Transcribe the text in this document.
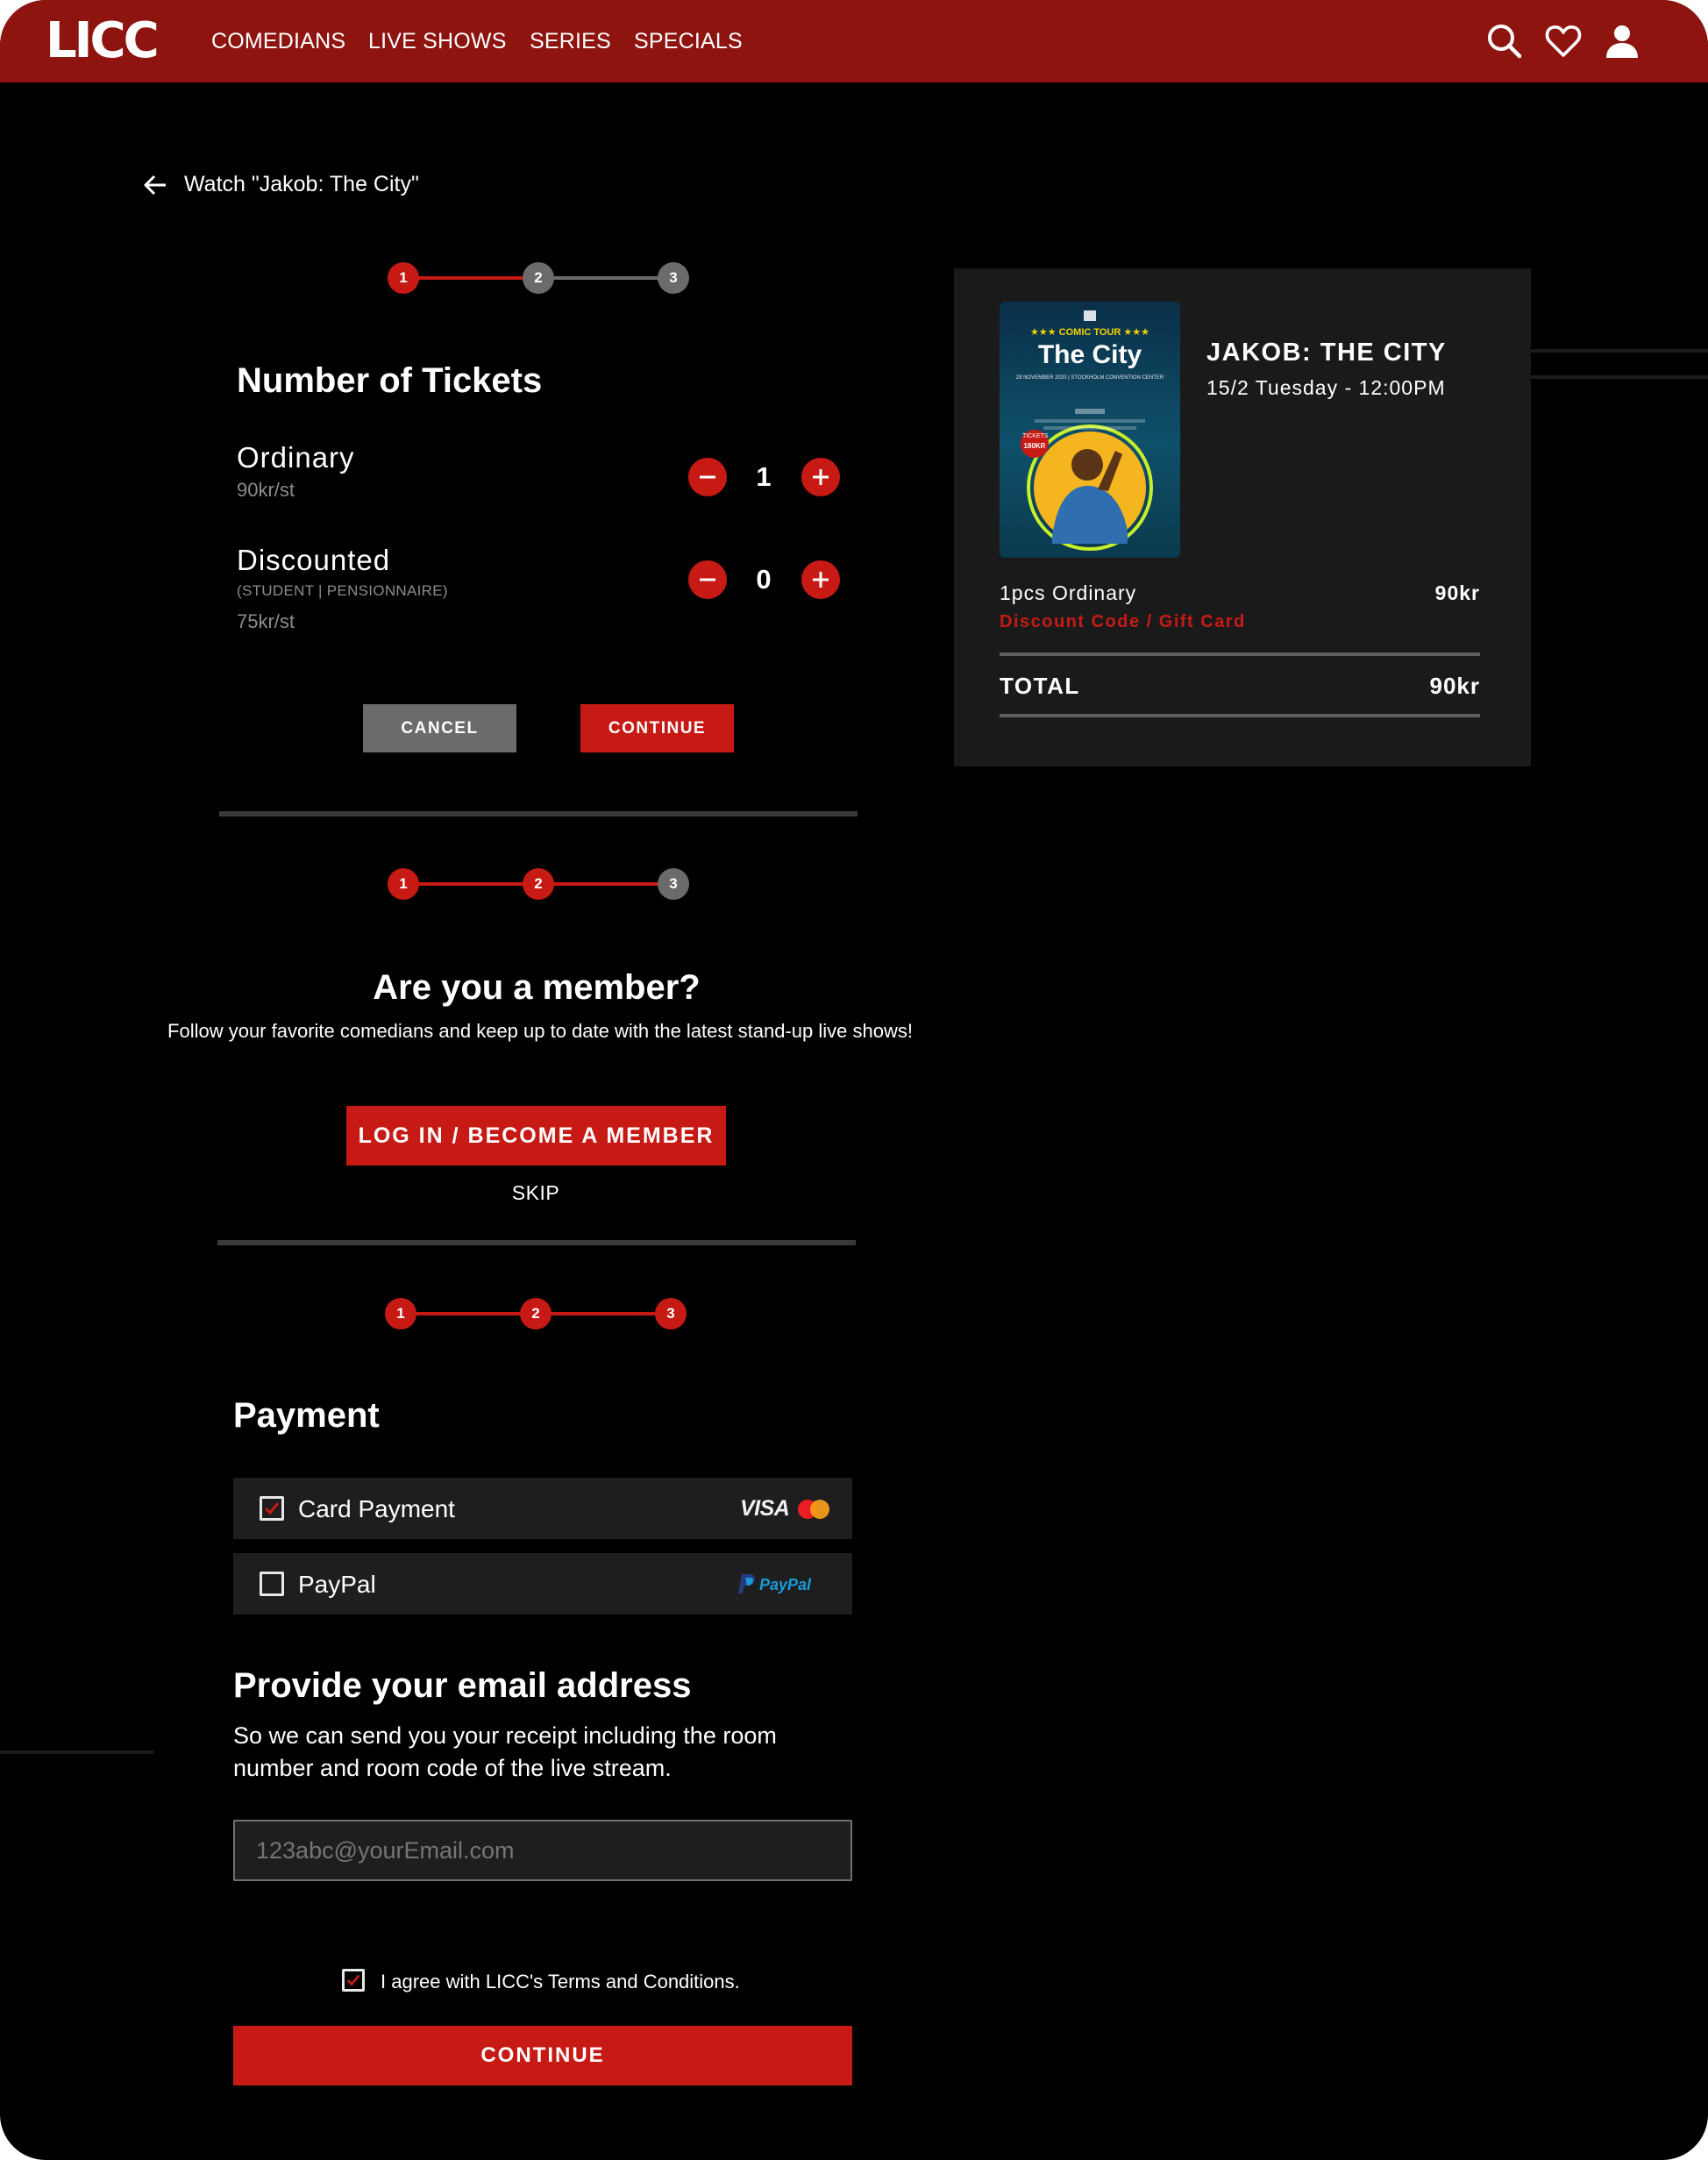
LICC COMEDIANS LIVE SHOWS SERIES SPECIALS
Watch "Jakob: The City"
1	2	3
Number of Tickets
Ordinary
90kr/st	1
Discounted
(STUDENT | PENSIONNAIRE)
75kr/st
0
CANCEL	CONTINUE
1	2	3
Are you a member?
Follow your favorite comedians and keep up to date with the latest stand-up live shows!
LOG IN / BECOME A MEMBER
SKIP
1	2	3
Payment
Card Payment	VISA
PayPal	PayPal
Provide your email address
So we can send you your receipt including the room
number and room code of the live stream.
123abc@yourEmail.com
I agree with LICC's Terms and Conditions.
CONTINUE
★★★ COMIC TOUR ★★★
The City
29 NOVEMBER 2020 | STOCKHOLM CONVENTION CENTER
TICKETS
180KR
JAKOB: THE CITY
15/2 Tuesday - 12:00PM
1pcs Ordinary	90kr
Discount Code / Gift Card
TOTAL	90kr
